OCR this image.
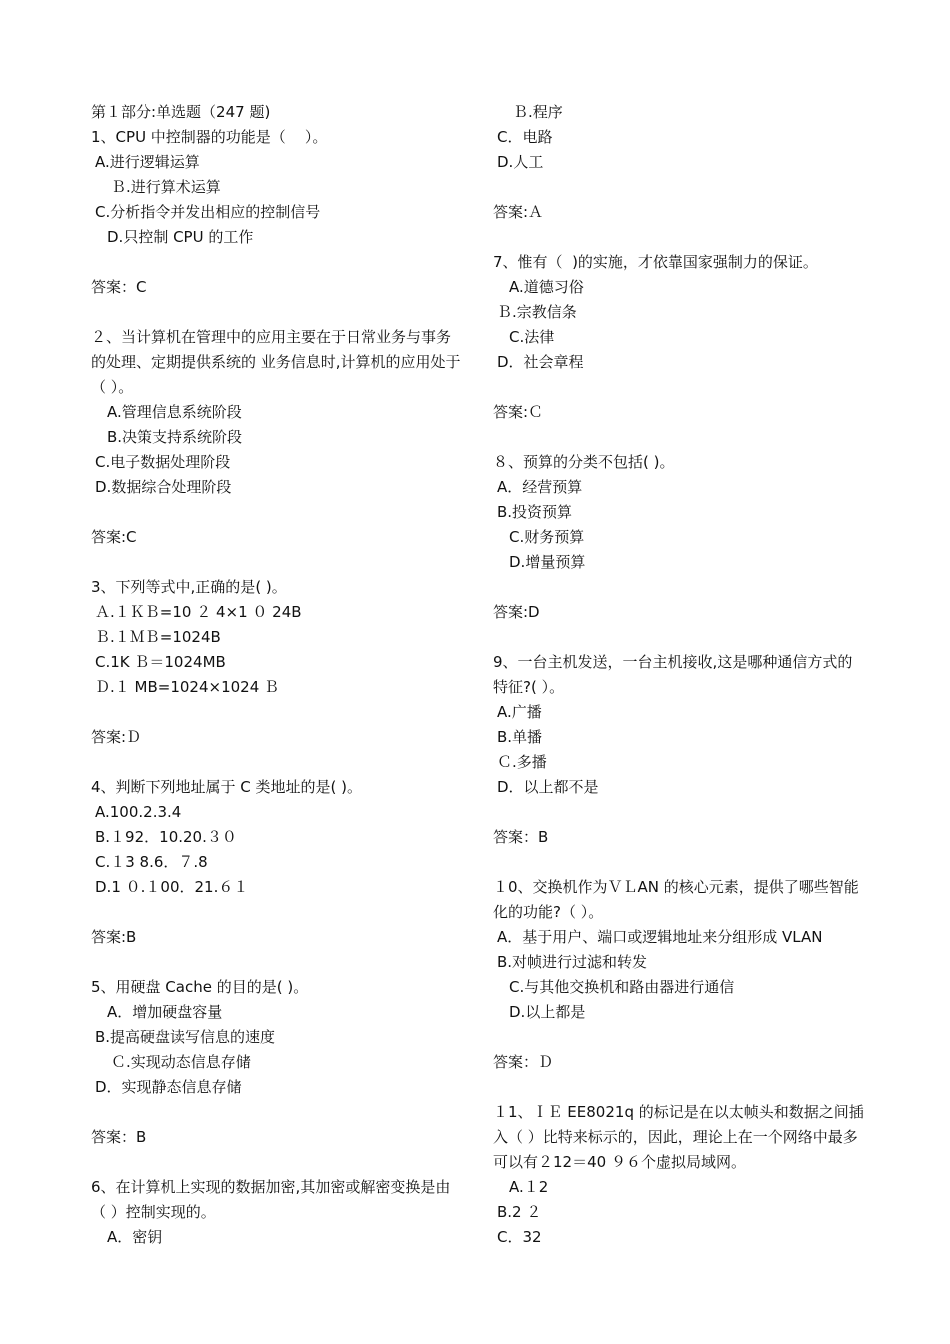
第１部分:单选题（247 题)
1、CPU 中控制器的功能是（    ）。
A.进行逻辑运算
Ｂ.进行算术运算
C.分析指令并发出相应的控制信号
D.只控制 CPU 的工作
答案：C
２、当计算机在管理中的应用主要在于日常业务与事务的处理、定期提供系统的 业务信息时,计算机的应用处于（ ）。
A.管理信息系统阶段
B.决策支持系统阶段
C.电子数据处理阶段
D.数据综合处理阶段
答案:C
3、下列等式中,正确的是( )。
Ａ.１ＫＢ=10 ２ 4×1 ０ 24B
Ｂ.１ＭＢ=1024B
C.1K Ｂ＝1024MB
Ｄ.１ MB=1024×1024 Ｂ
答案:Ｄ
4、判断下列地址属于 C 类地址的是( )。
A.100.2.3.4
B.１92．10.20.３０
C.１3 8.6．７.8
D.1 ０.１00．21.６１
答案:B
5、用硬盘 Cache 的目的是( )。
A．增加硬盘容量
B.提高硬盘读写信息的速度
Ｃ.实现动态信息存储
D．实现静态信息存储
答案：B
6、在计算机上实现的数据加密,其加密或解密变换是由 （ ）控制实现的。
A．密钥
Ｂ.程序
C．电路
D.人工
答案:Ａ
7、惟有（  )的实施，才依靠国家强制力的保证。
A.道德习俗
Ｂ.宗教信条
C.法律
D．社会章程
答案:Ｃ
８、预算的分类不包括( )。
A．经营预算
B.投资预算
C.财务预算
D.增量预算
答案:D
9、一台主机发送，一台主机接收,这是哪种通信方式的特征?( ）。
A.广播
B.单播
Ｃ.多播
D．以上都不是
答案：B
１0、交换机作为ＶＬAN 的核心元素，提供了哪些智能化的功能?（ ）。
A．基于用户、端口或逻辑地址来分组形成 VLAN
B.对帧进行过滤和转发
C.与其他交换机和路由器进行通信
D.以上都是
答案：Ｄ
１1、ＩＥ EE8021q 的标记是在以太帧头和数据之间插入（ ）比特来标示的，因此，理论上在一个网络中最多可以有２12＝40 ９６个虚拟局域网。
A.１2
B.2 ２
C．32
